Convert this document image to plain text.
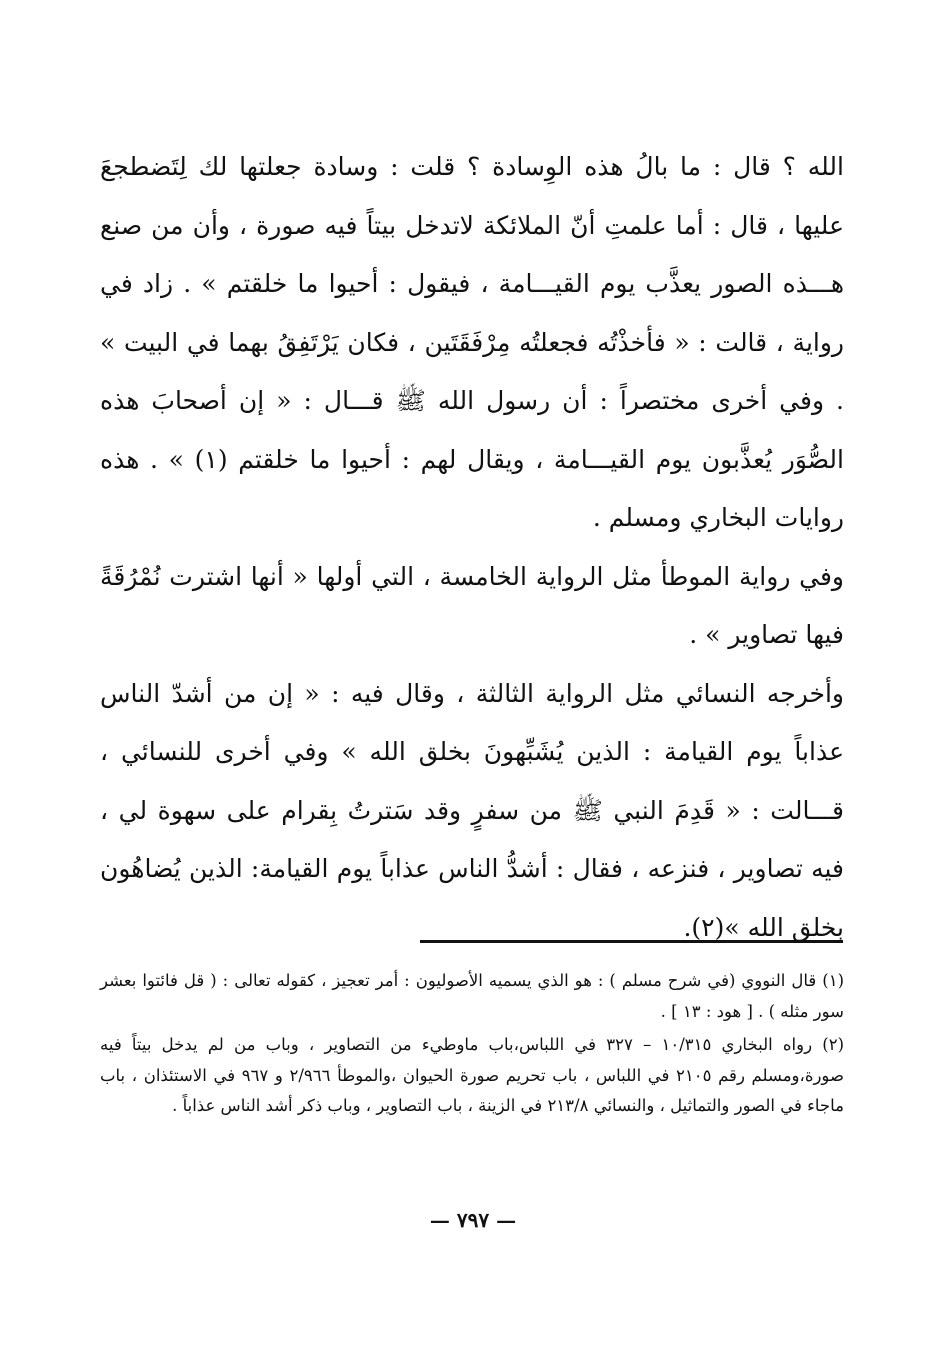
الله ؟ قال : ما بالُ هذه الوِسادة ؟ قلت : وسادة جعلتها لك لِتَضطجعَ عليها ، قال : أما علمتِ أنّ الملائكة لاتدخل بيتاً فيه صورة ، وأن من صنع هـــذه الصور يعذَّب يوم القيـــامة ، فيقول : أحيوا ما خلقتم » . زاد في رواية ، قالت : « فأخذْتُه فجعلتُه مِرْفَقَتَين ، فكان يَرْتَفِقُ بهما في البيت » . وفي أخرى مختصراً : أن رسول الله ﷺ قـــال : « إن أصحابَ هذه الصُّوَر يُعذَّبون يوم القيـــامة ، ويقال لهم : أحيوا ما خلقتم (١) » . هذه روايات البخاري ومسلم .

وفي رواية الموطأ مثل الرواية الخامسة ، التي أولها « أنها اشترت نُمْرُقَةً فيها تصاوير » .

وأخرجه النسائي مثل الرواية الثالثة ، وقال فيه : « إن من أشدّ الناس عذاباً يوم القيامة : الذين يُشَبِّهونَ بخلق الله » وفي أخرى للنسائي ، قـــالت : « قَدِمَ النبي ﷺ من سفرٍ وقد سَترتُ بِقرام على سهوة لي ، فيه تصاوير ، فنزعه ، فقال : أشدُّ الناس عذاباً يوم القيامة: الذين يُضاهُون بخلق الله »(٢).

(١) قال النووي (في شرح مسلم ) : هو الذي يسميه الأصوليون : أمر تعجيز ، كقوله تعالى : ( قل فائتوا بعشر سور مثله ) . [ هود : ١٣ ] .

(٢) رواه البخاري ١٠/٣١٥ – ٣٢٧ في اللباس،باب ماوطيء من التصاوير ، وباب من لم يدخل بيتاً فيه صورة،ومسلم رقم ٢١٠٥ في اللباس ، باب تحريم صورة الحيوان ،والموطأ ٢/٩٦٦ و ٩٦٧ في الاستئذان ، باب ماجاء في الصور والتماثيل ، والنسائي ٢١٣/٨ في الزينة ، باب التصاوير ، وباب ذكر أشد الناس عذاباً .

— ٧٩٧ —
